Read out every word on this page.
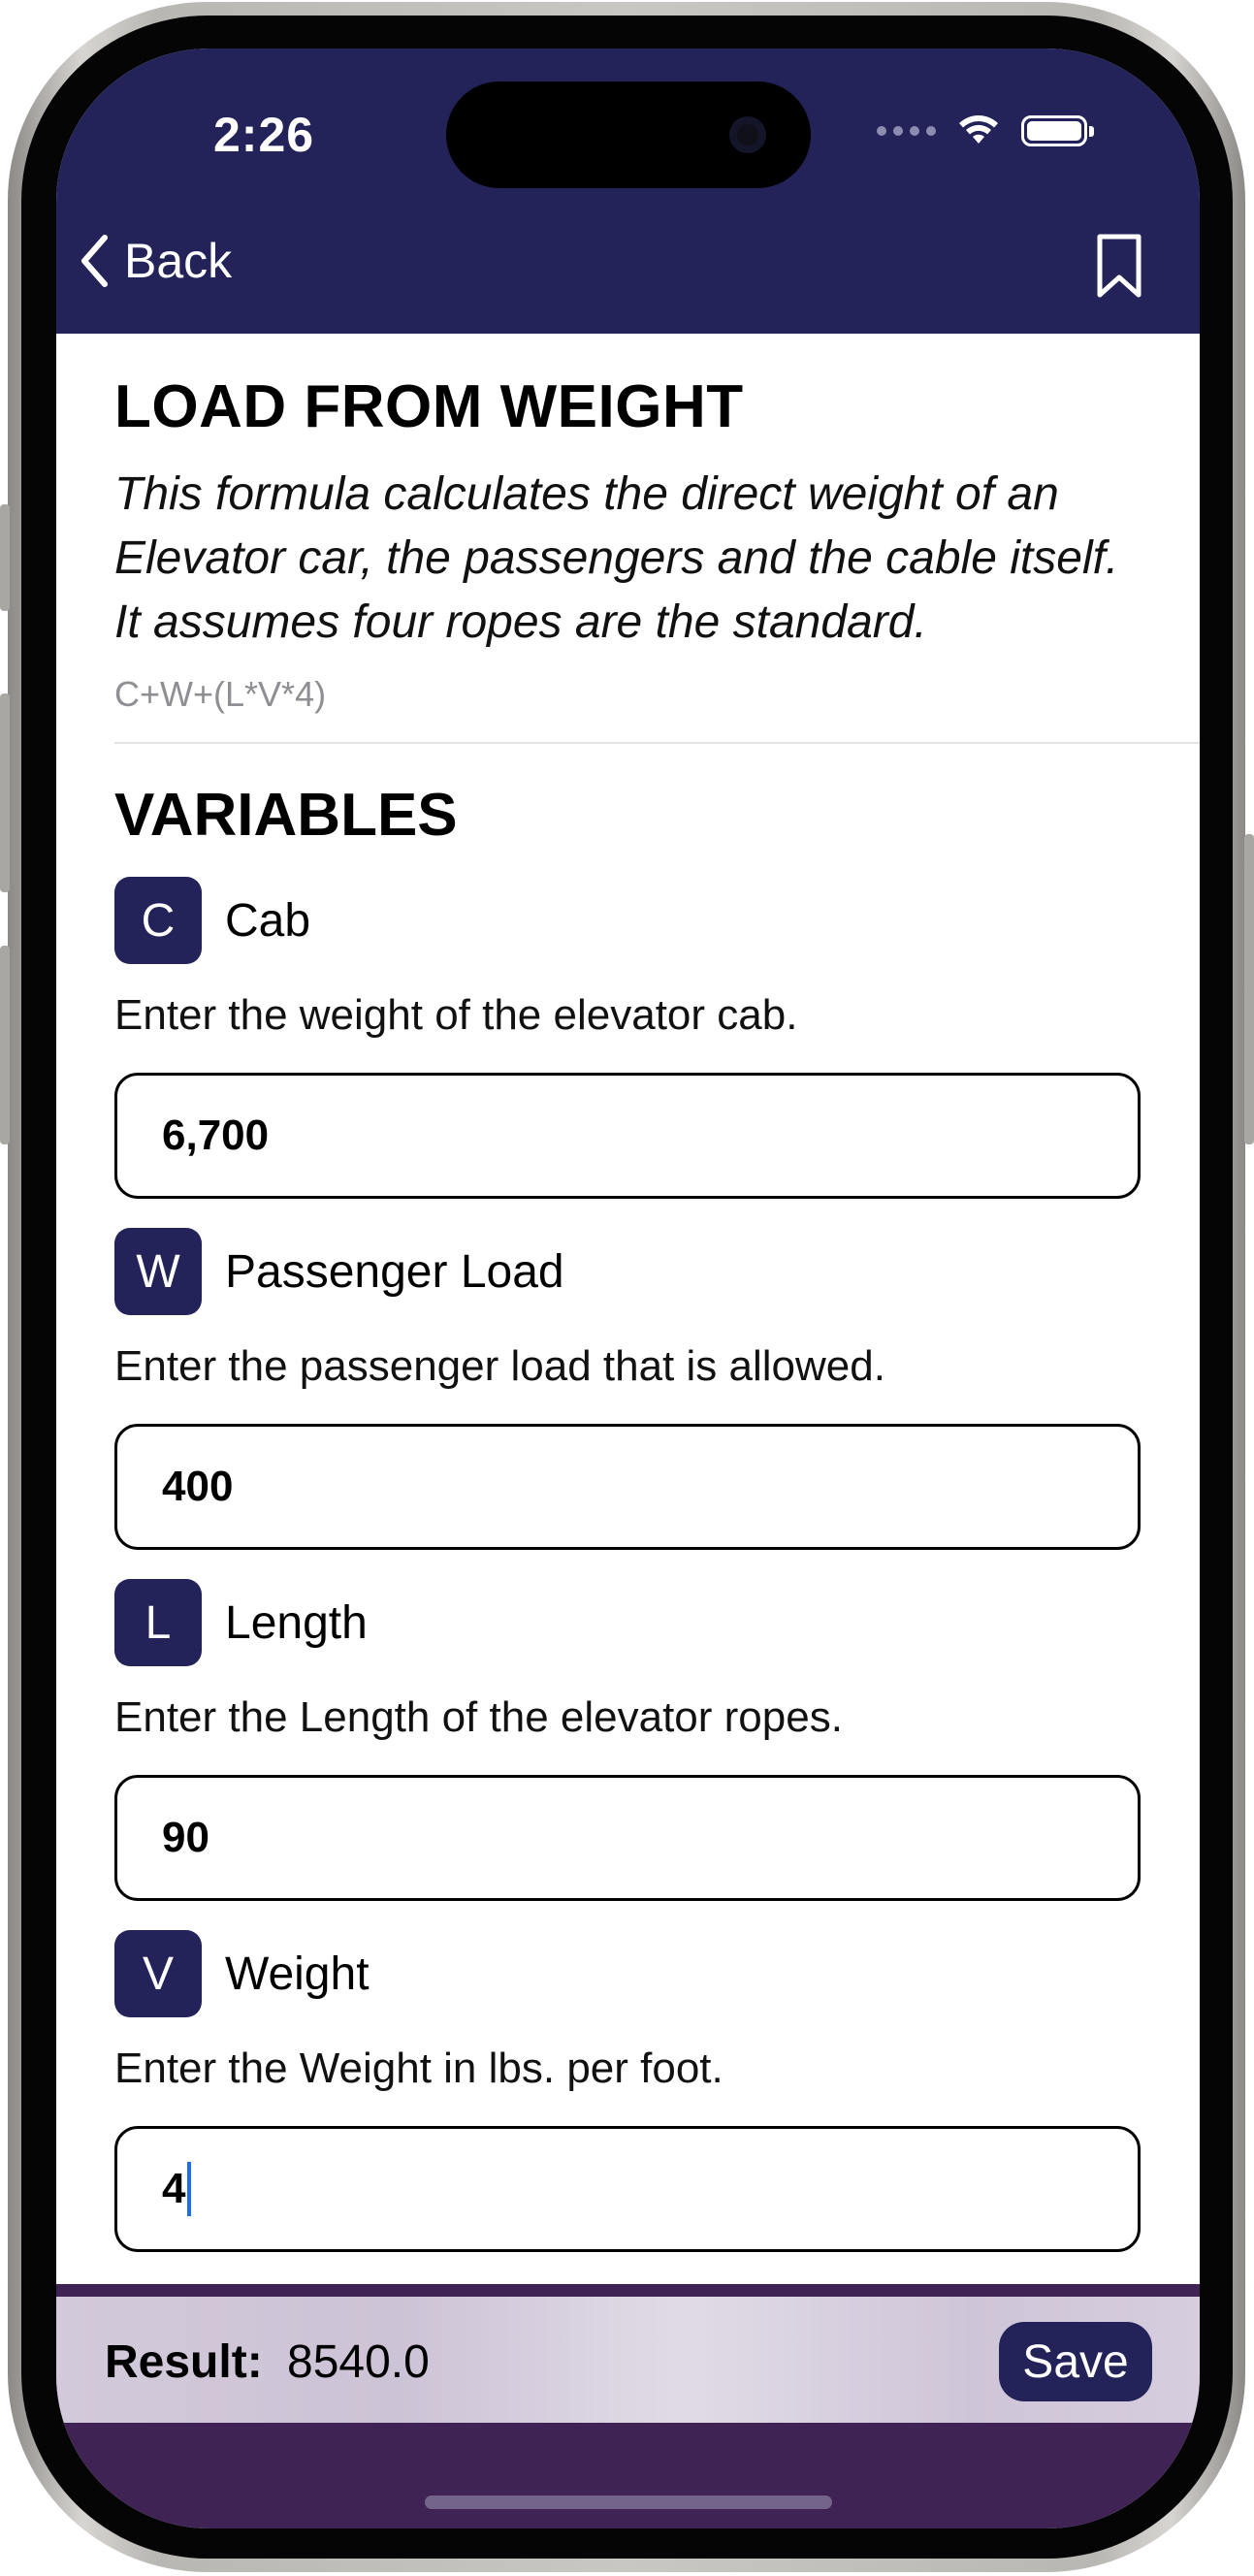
2:26
Back
LOAD FROM WEIGHT
This formula calculates the direct weight of an Elevator car, the passengers and the cable itself. It assumes four ropes are the standard.
C+W+(L*V*4)
VARIABLES
C	Cab
Enter the weight of the elevator cab.
6,700
W Passenger Load
Enter the passenger load that is allowed.
400
L	Length
Enter the Length of the elevator ropes.
90
V	Weight
Enter the Weight in lbs. per foot.
4
Result: 8540.0	Save
